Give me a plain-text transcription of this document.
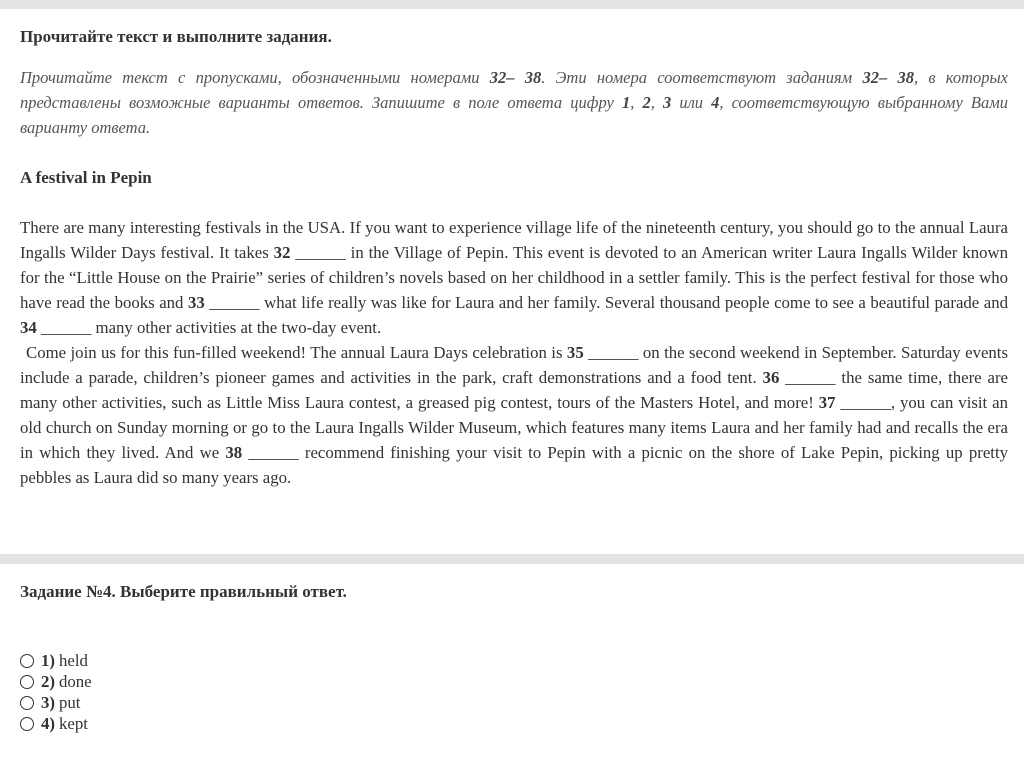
Прочитайте текст и выполните задания.

Прочитайте текст с пропусками, обозначенными номерами 32– 38. Эти номера соответствуют заданиям 32– 38, в которых представлены возможные варианты ответов. Запишите в поле ответа цифру 1, 2, 3 или 4, соответствующую выбранному Вами варианту ответа.

A festival in Pepin

There are many interesting festivals in the USA. If you want to experience village life of the nineteenth century, you should go to the annual Laura Ingalls Wilder Days festival. It takes 32 ______ in the Village of Pepin. This event is devoted to an American writer Laura Ingalls Wilder known for the “Little House on the Prairie” series of children’s novels based on her childhood in a settler family. This is the perfect festival for those who have read the books and 33 ______ what life really was like for Laura and her family. Several thousand people come to see a beautiful parade and 34 ______ many other activities at the two-day event.

Come join us for this fun-filled weekend! The annual Laura Days celebration is 35 ______ on the second weekend in September. Saturday events include a parade, children’s pioneer games and activities in the park, craft demonstrations and a food tent. 36 ______ the same time, there are many other activities, such as Little Miss Laura contest, a greased pig contest, tours of the Masters Hotel, and more! 37 ______, you can visit an old church on Sunday morning or go to the Laura Ingalls Wilder Museum, which features many items Laura and her family had and recalls the era in which they lived. And we 38 ______ recommend finishing your visit to Pepin with a picnic on the shore of Lake Pepin, picking up pretty pebbles as Laura did so many years ago.

Задание №4. Выберите правильный ответ.

1) held
2) done
3) put
4) kept
